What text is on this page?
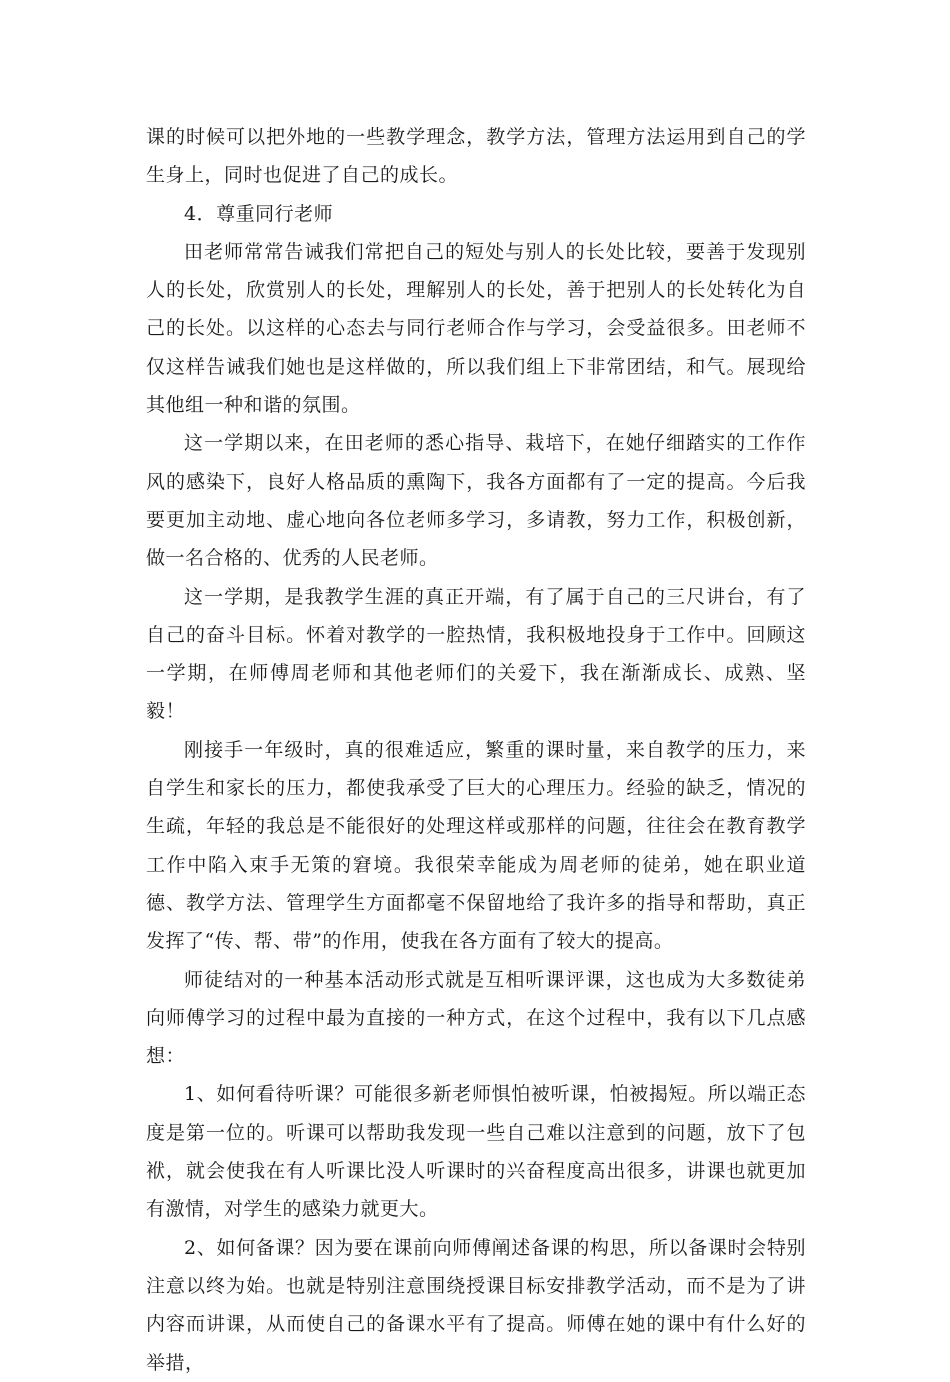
课的时候可以把外地的一些教学理念，教学方法，管理方法运用到自己的学生身上，同时也促进了自己的成长。

4．尊重同行老师

田老师常常告诫我们常把自己的短处与别人的长处比较，要善于发现别人的长处，欣赏别人的长处，理解别人的长处，善于把别人的长处转化为自己的长处。以这样的心态去与同行老师合作与学习，会受益很多。田老师不仅这样告诫我们她也是这样做的，所以我们组上下非常团结，和气。展现给其他组一种和谐的氛围。

这一学期以来，在田老师的悉心指导、栽培下，在她仔细踏实的工作作风的感染下，良好人格品质的熏陶下，我各方面都有了一定的提高。今后我要更加主动地、虚心地向各位老师多学习，多请教，努力工作，积极创新，做一名合格的、优秀的人民老师。

这一学期，是我教学生涯的真正开端，有了属于自己的三尺讲台，有了自己的奋斗目标。怀着对教学的一腔热情，我积极地投身于工作中。回顾这一学期，在师傅周老师和其他老师们的关爱下，我在渐渐成长、成熟、坚毅！

刚接手一年级时，真的很难适应，繁重的课时量，来自教学的压力，来自学生和家长的压力，都使我承受了巨大的心理压力。经验的缺乏，情况的生疏，年轻的我总是不能很好的处理这样或那样的问题，往往会在教育教学工作中陷入束手无策的窘境。我很荣幸能成为周老师的徒弟，她在职业道德、教学方法、管理学生方面都毫不保留地给了我许多的指导和帮助，真正发挥了“传、帮、带”的作用，使我在各方面有了较大的提高。

师徒结对的一种基本活动形式就是互相听课评课，这也成为大多数徒弟向师傅学习的过程中最为直接的一种方式，在这个过程中，我有以下几点感想：

1、如何看待听课？可能很多新老师惧怕被听课，怕被揭短。所以端正态度是第一位的。听课可以帮助我发现一些自己难以注意到的问题，放下了包袱，就会使我在有人听课比没人听课时的兴奋程度高出很多，讲课也就更加有激情，对学生的感染力就更大。

2、如何备课？因为要在课前向师傅阐述备课的构思，所以备课时会特别注意以终为始。也就是特别注意围绕授课目标安排教学活动，而不是为了讲内容而讲课，从而使自己的备课水平有了提高。师傅在她的课中有什么好的举措，
